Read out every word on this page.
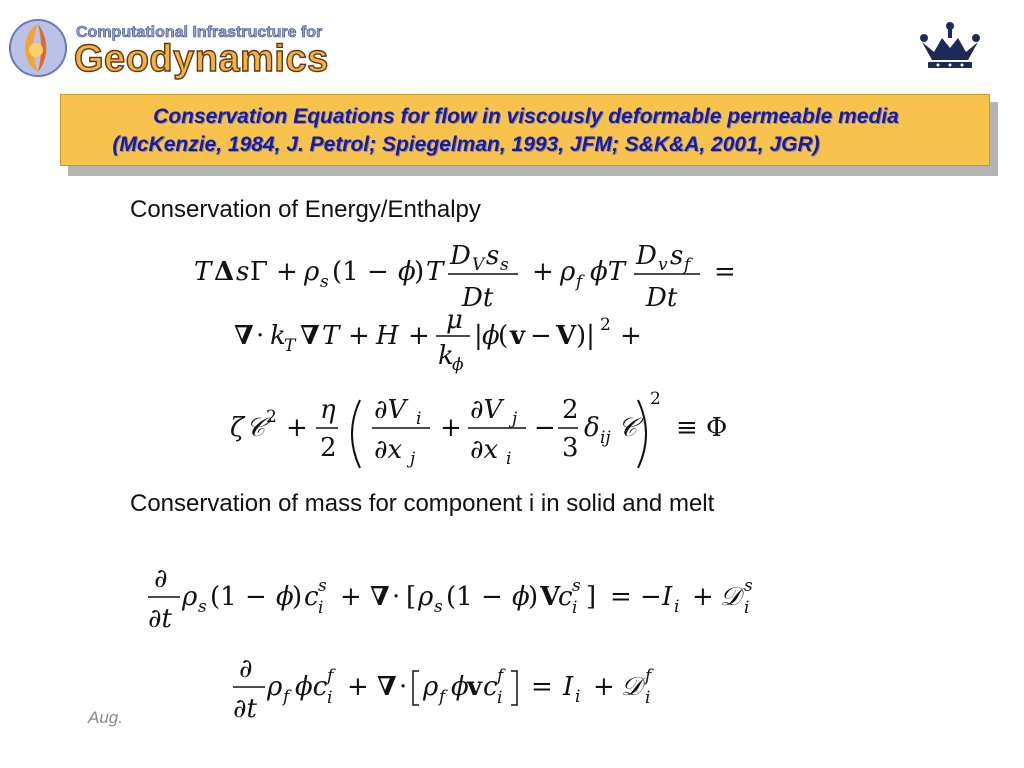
Computational Infrastructure for
Geodynamics
Conservation Equations for flow in viscously deformable permeable media
(McKenzie, 1984, J. Petrol; Spiegelman, 1993, JFM; S&K&A, 2001, JGR)
Conservation of Energy/Enthalpy
T Δ s Γ + ρ s (1 − ϕ
) T
D V s s
Dt
+ ρ f ϕT
D v s f
Dt
=
∇ · k
T ∇ T + H +
μ
k
ϕ
| ϕ
( v − V )| 2 +
ζ 𝒞 2 +
η
2
∂V i
∂x j
+
∂V j
∂x i
−
2
3
δ ij 𝒞
2
≡ Φ
Conservation of mass for component i in solid and melt
∂
∂t
ρ s (1 − ϕ
) c s
i + ∇ · [ ρ s (1 − ϕ
) V
c s
i ] = − I i + 𝒟 s
i
∂
∂t
ρ f ϕc f
i + ∇ · ρ f ϕ
v c f
i = I i + 𝒟 f
i
Aug.
